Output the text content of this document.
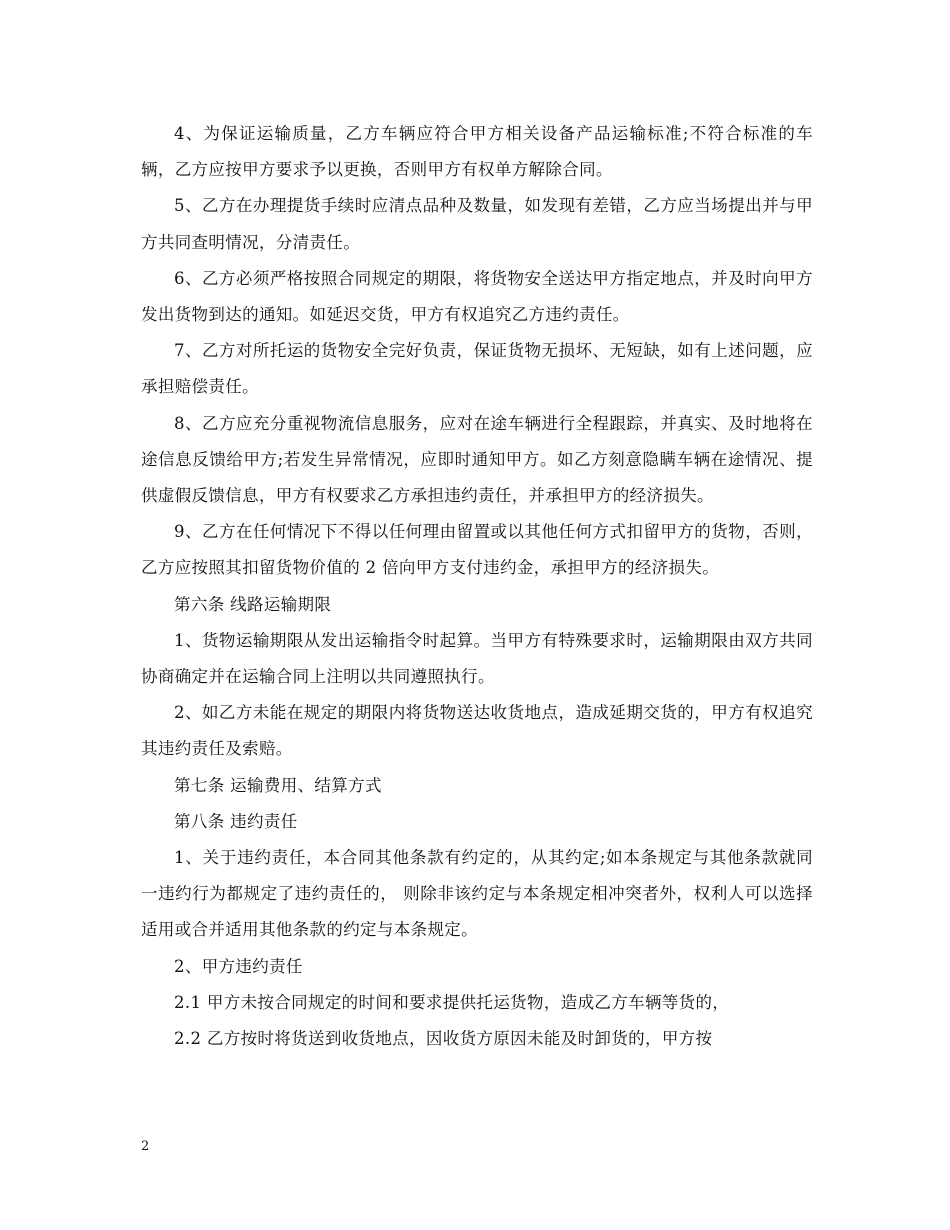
4、为保证运输质量，乙方车辆应符合甲方相关设备产品运输标准;不符合标准的车辆，乙方应按甲方要求予以更换，否则甲方有权单方解除合同。

5、乙方在办理提货手续时应清点品种及数量，如发现有差错，乙方应当场提出并与甲方共同查明情况，分清责任。

6、乙方必须严格按照合同规定的期限，将货物安全送达甲方指定地点，并及时向甲方发出货物到达的通知。如延迟交货，甲方有权追究乙方违约责任。

7、乙方对所托运的货物安全完好负责，保证货物无损坏、无短缺，如有上述问题，应承担赔偿责任。

8、乙方应充分重视物流信息服务，应对在途车辆进行全程跟踪，并真实、及时地将在途信息反馈给甲方;若发生异常情况，应即时通知甲方。如乙方刻意隐瞒车辆在途情况、提供虚假反馈信息，甲方有权要求乙方承担违约责任，并承担甲方的经济损失。

9、乙方在任何情况下不得以任何理由留置或以其他任何方式扣留甲方的货物，否则，乙方应按照其扣留货物价值的 2 倍向甲方支付违约金，承担甲方的经济损失。

第六条 线路运输期限

1、货物运输期限从发出运输指令时起算。当甲方有特殊要求时，运输期限由双方共同协商确定并在运输合同上注明以共同遵照执行。

2、如乙方未能在规定的期限内将货物送达收货地点，造成延期交货的，甲方有权追究其违约责任及索赔。

第七条 运输费用、结算方式

第八条 违约责任

1、关于违约责任，本合同其他条款有约定的，从其约定;如本条规定与其他条款就同一违约行为都规定了违约责任的， 则除非该约定与本条规定相冲突者外，权利人可以选择适用或合并适用其他条款的约定与本条规定。

2、甲方违约责任

2.1 甲方未按合同规定的时间和要求提供托运货物，造成乙方车辆等货的，

2.2 乙方按时将货送到收货地点，因收货方原因未能及时卸货的，甲方按

2
